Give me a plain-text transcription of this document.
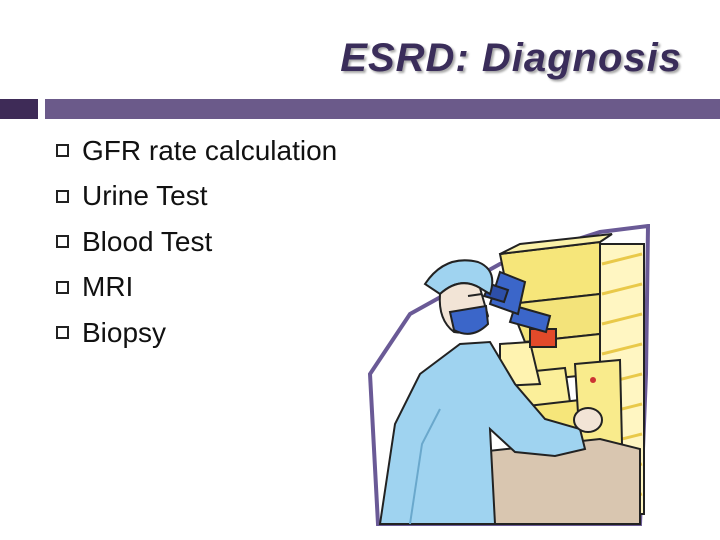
ESRD: Diagnosis
GFR rate calculation
Urine Test
Blood Test
MRI
Biopsy
